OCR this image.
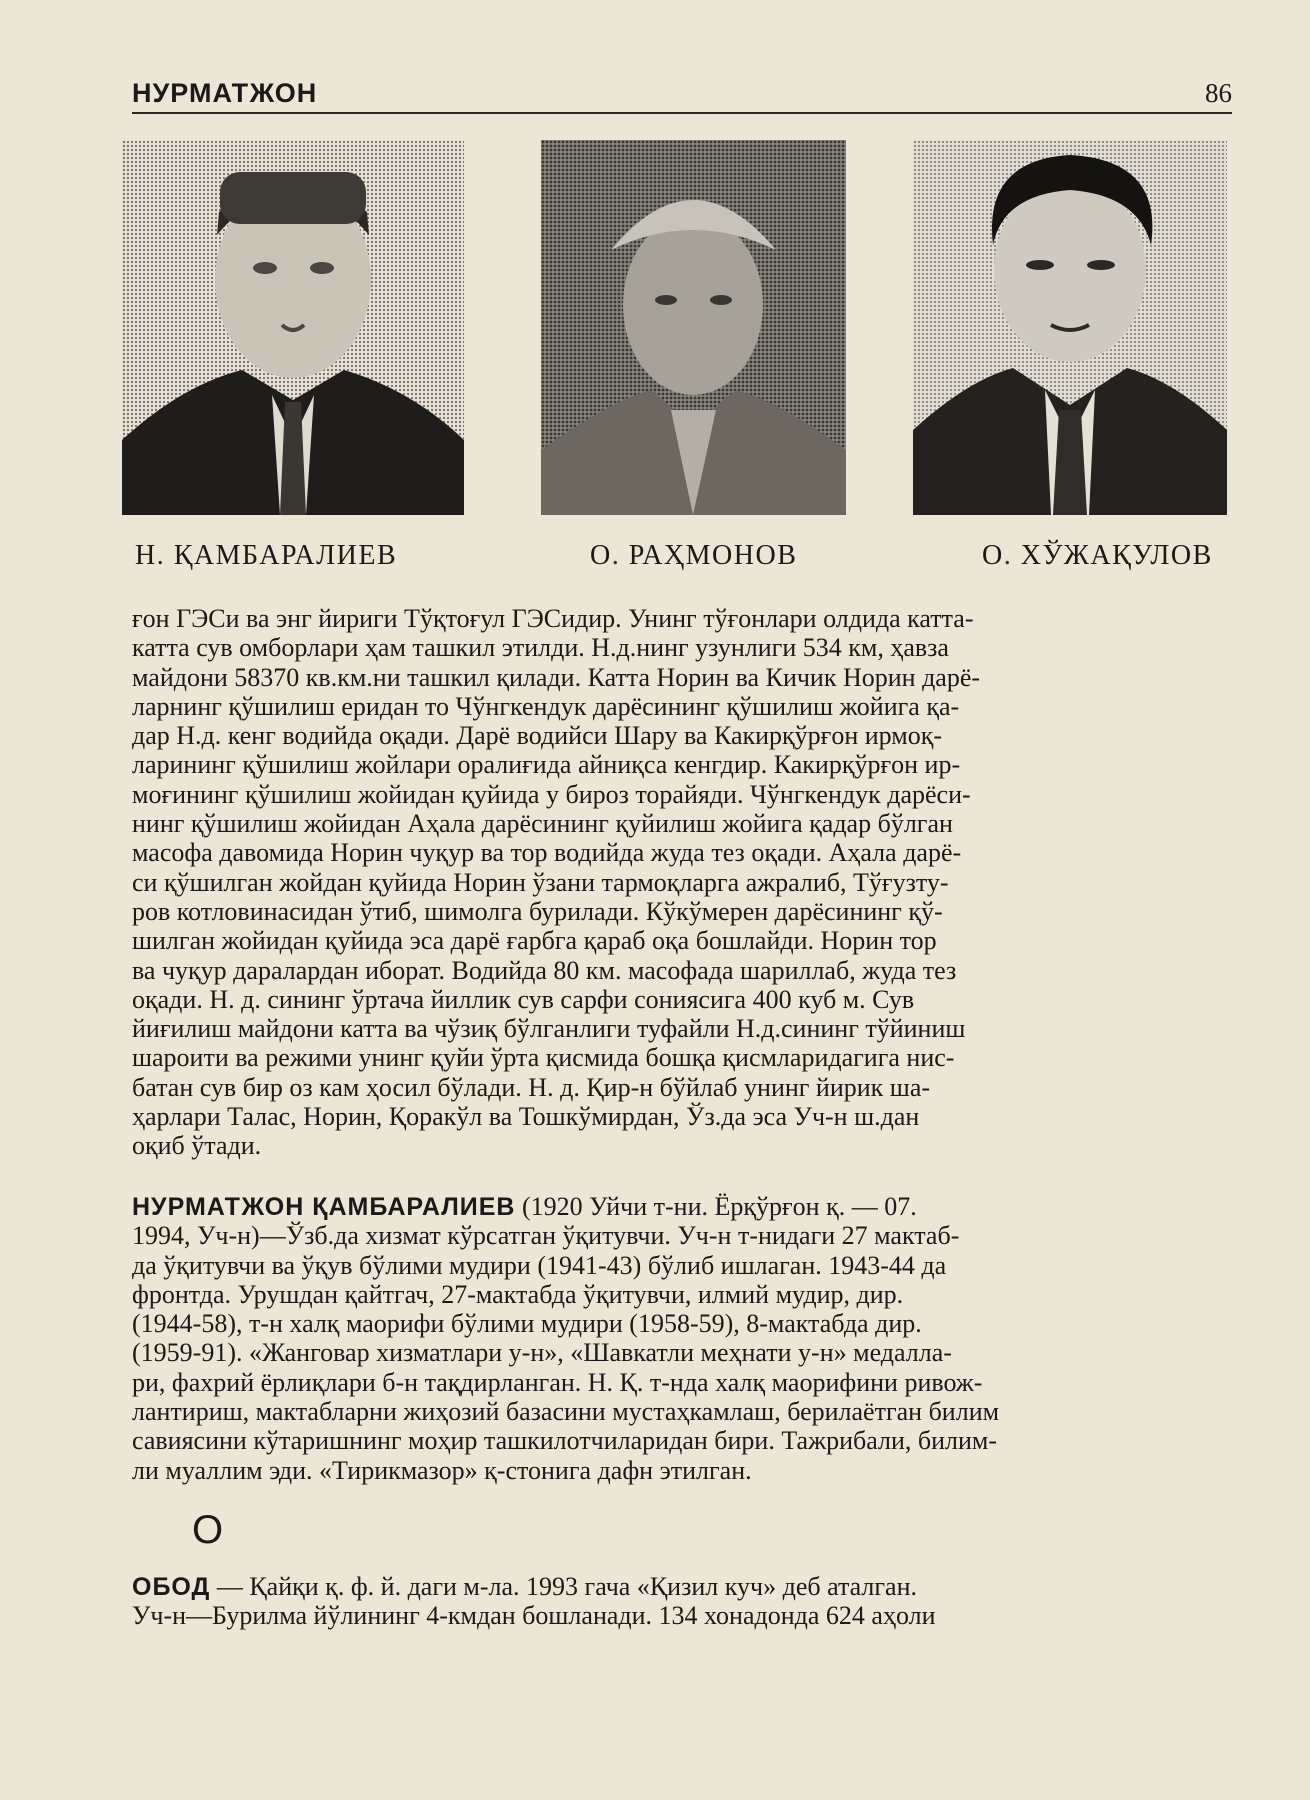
НУРМАТЖОН	86
Н. ҚАМБАРАЛИЕВ	О. РАҲМОНОВ	О. ХЎЖАҚУЛОВ
ғон ГЭСи ва энг йириги Тўқтоғул ГЭСидир. Унинг тўғонлари олдида катта-
катта сув омборлари ҳам ташкил этилди. Н.д.нинг узунлиги 534 км, ҳавза
майдони 58370 кв.км.ни ташкил қилади. Катта Норин ва Кичик Норин дарё-
ларнинг қўшилиш еридан то Чўнгкендук дарёсининг қўшилиш жойига қа-
дар Н.д. кенг водийда оқади. Дарё водийси Шару ва Какирқўрғон ирмоқ-
ларининг қўшилиш жойлари оралиғида айниқса кенгдир. Какирқўрғон ир-
моғининг қўшилиш жойидан қуйида у бироз торайяди. Чўнгкендук дарёси-
нинг қўшилиш жойидан Аҳала дарёсининг қуйилиш жойига қадар бўлган
масофа давомида Норин чуқур ва тор водийда жуда тез оқади. Аҳала дарё-
си қўшилган жойдан қуйида Норин ўзани тармоқларга ажралиб, Тўғузту-
ров котловинасидан ўтиб, шимолга бурилади. Кўкўмерен дарёсининг қў-
шилган жойидан қуйида эса дарё ғарбга қараб оқа бошлайди. Норин тор
ва чуқур даралардан иборат. Водийда 80 км. масофада шариллаб, жуда тез
оқади. Н. д. сининг ўртача йиллик сув сарфи сониясига 400 куб м. Сув
йиғилиш майдони катта ва чўзиқ бўлганлиги туфайли Н.д.сининг тўйиниш
шароити ва режими унинг қуйи ўрта қисмида бошқа қисмларидагига нис-
батан сув бир оз кам ҳосил бўлади. Н. д. Қир-н бўйлаб унинг йирик ша-
ҳарлари Талас, Норин, Қоракўл ва Тошкўмирдан, Ўз.да эса Уч-н ш.дан
оқиб ўтади.
НУРМАТЖОН ҚАМБАРАЛИЕВ (1920 Уйчи т-ни. Ёрқўрғон қ. — 07.
1994, Уч-н)—Ўзб.да хизмат кўрсатган ўқитувчи. Уч-н т-нидаги 27 мактаб-
да ўқитувчи ва ўқув бўлими мудири (1941-43) бўлиб ишлаган. 1943-44 да
фронтда. Урушдан қайтгач, 27-мактабда ўқитувчи, илмий мудир, дир.
(1944-58), т-н халқ маорифи бўлими мудири (1958-59), 8-мактабда дир.
(1959-91). «Жанговар хизматлари у-н», «Шавкатли меҳнати у-н» медалла-
ри, фахрий ёрлиқлари б-н тақдирланган. Н. Қ. т-нда халқ маорифини ривож-
лантириш, мактабларни жиҳозий базасини мустаҳкамлаш, берилаётган билим
савиясини кўтаришнинг моҳир ташкилотчиларидан бири. Тажрибали, билим-
ли муаллим эди. «Тирикмазор» қ-стонига дафн этилган.
О
ОБОД — Қайқи қ. ф. й. даги м-ла. 1993 гача «Қизил куч» деб аталган.
Уч-н—Бурилма йўлининг 4-кмдан бошланади. 134 хонадонда 624 аҳоли
